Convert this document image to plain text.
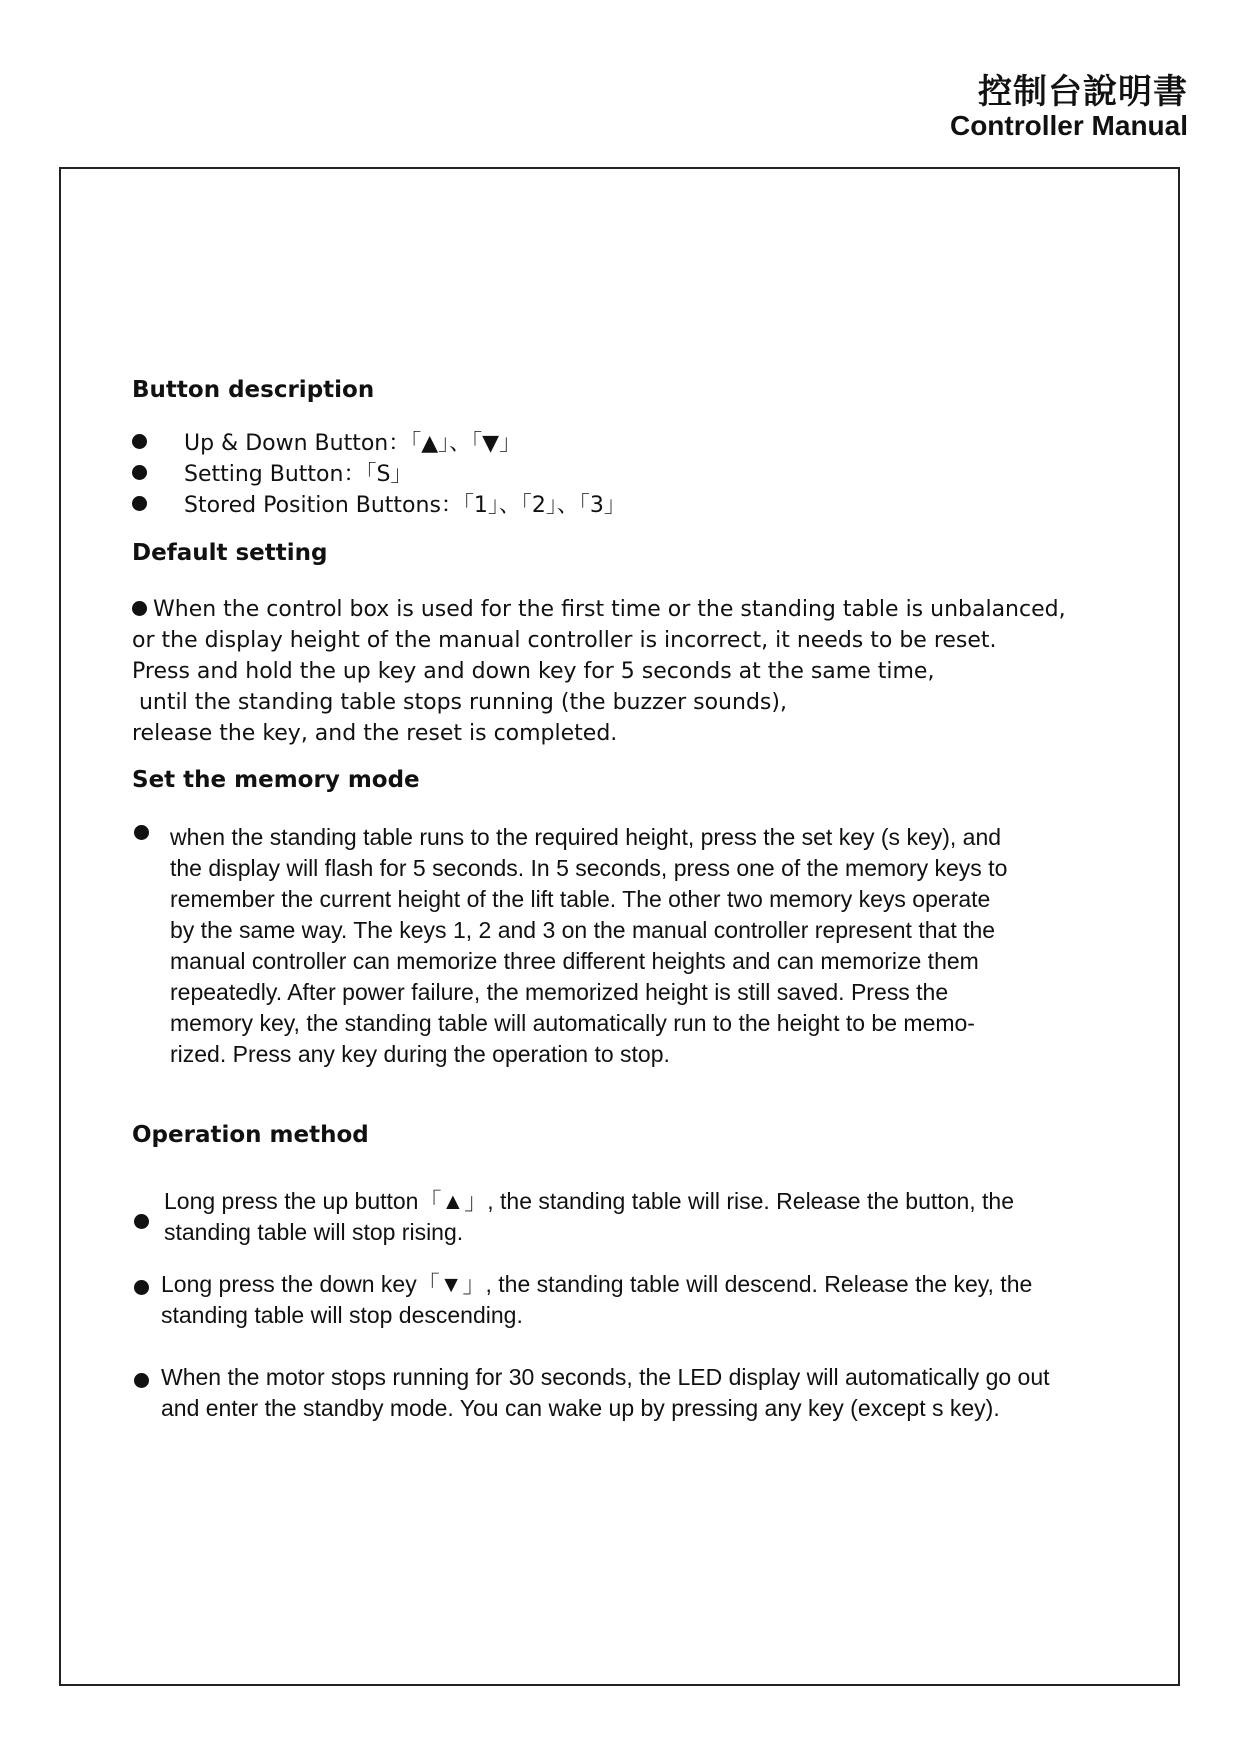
控制台說明書
Controller Manual
Button description
Up & Down Button：「▲」、「▼」
Setting Button：「S」
Stored Position Buttons：「1」、「2」、「3」
Default setting
When the control box is used for the first time or the standing table is unbalanced,
or the display height of the manual controller is incorrect, it needs to be reset.
Press and hold the up key and down key for 5 seconds at the same time,
until the standing table stops running (the buzzer sounds),
release the key, and the reset is completed.
Set the memory mode
when the standing table runs to the required height, press the set key (s key), and
the display will flash for 5 seconds. In 5 seconds, press one of the memory keys to
remember the current height of the lift table. The other two memory keys operate
by the same way. The keys 1, 2 and 3 on the manual controller represent that the
manual controller can memorize three different heights and can memorize them
repeatedly. After power failure, the memorized height is still saved. Press the
memory key, the standing table will automatically run to the height to be memo-
rized. Press any key during the operation to stop.
Operation method
Long press the up button「▲」, the standing table will rise. Release the button, the
standing table will stop rising.
Long press the down key「▼」, the standing table will descend. Release the key, the
standing table will stop descending.
When the motor stops running for 30 seconds, the LED display will automatically go out
and enter the standby mode. You can wake up by pressing any key (except s key).
